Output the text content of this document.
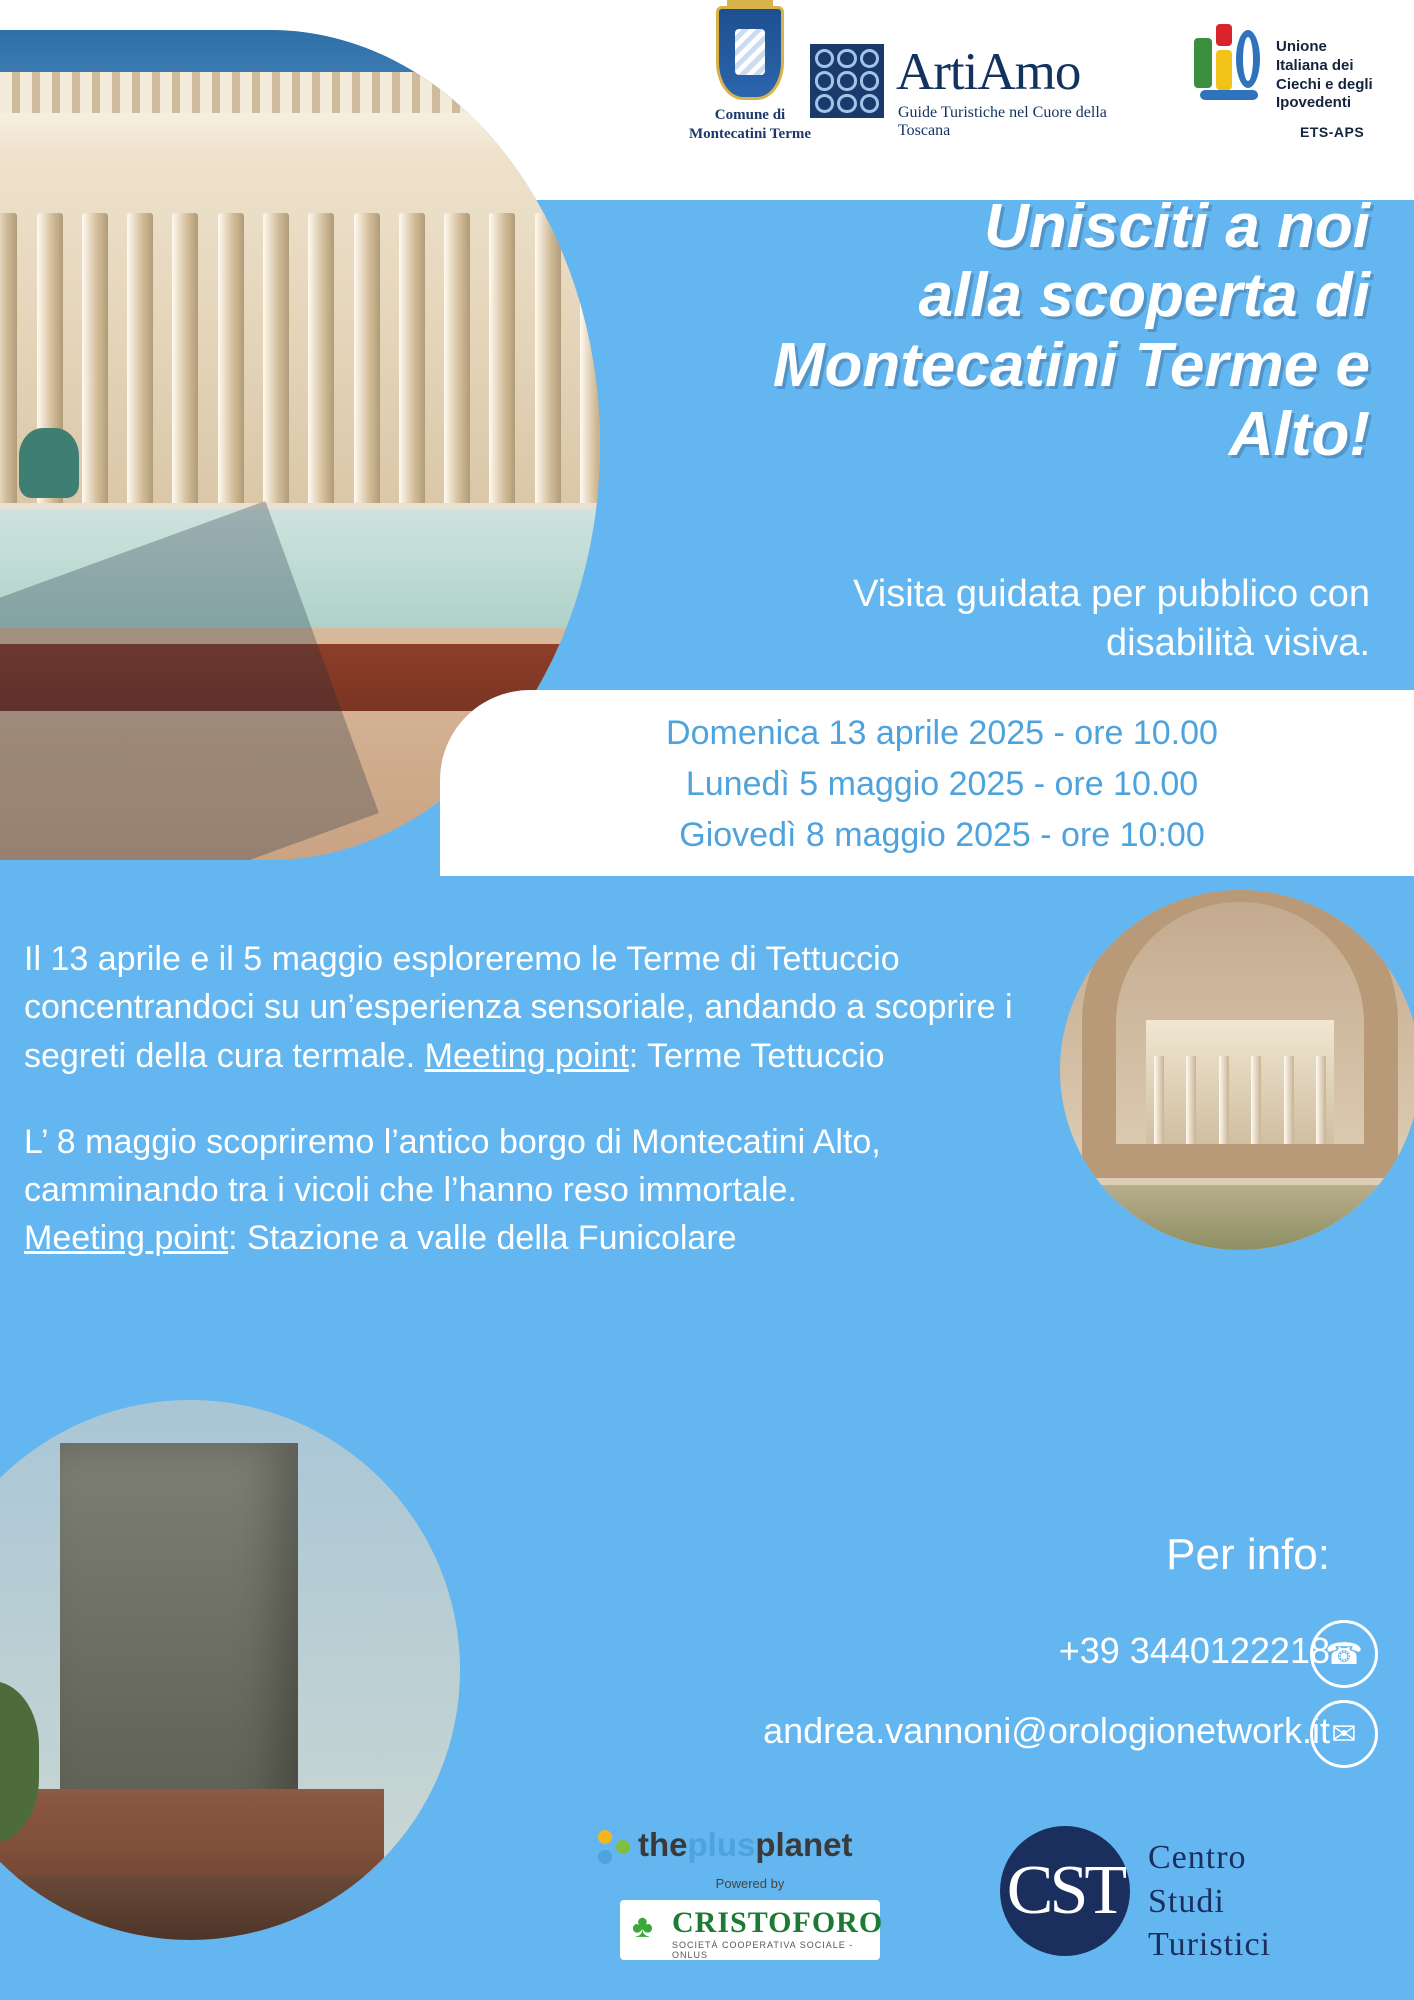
Comune di
Montecatini Terme
ArtiAmo
Guide Turistiche nel Cuore della Toscana
Unione
Italiana dei
Ciechi e degli
Ipovedenti
ETS-APS
Unisciti a noi
alla scoperta di
Montecatini Terme e
Alto!
Visita guidata per pubblico con
disabilità visiva.
Domenica 13 aprile 2025 - ore 10.00
Lunedì 5 maggio 2025 - ore 10.00
Giovedì 8 maggio 2025 - ore 10:00

Il 13 aprile e il 5 maggio esploreremo le Terme di Tettuccio concentrandoci su un’esperienza sensoriale, andando a scoprire i segreti della cura termale. Meeting point: Terme Tettuccio

L’ 8 maggio scopriremo l’antico borgo di Montecatini Alto, camminando tra i vicoli che l’hanno reso immortale.
Meeting point: Stazione a valle della Funicolare

Per info:
+39 3440122218
andrea.vannoni@orologionetwork.it
☎
✉
theplusplanet
Powered by
♣ CRISTOFORO
SOCIETÀ COOPERATIVA SOCIALE - ONLUS
CST Centro
Studi
Turistici
